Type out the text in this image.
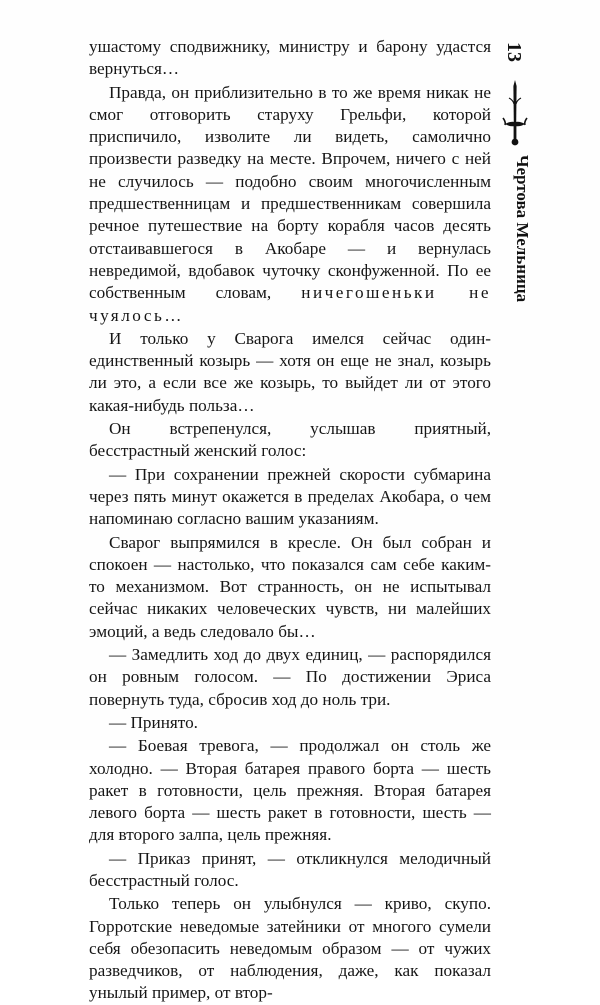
ушастому сподвижнику, министру и барону удастся вернуться…

Правда, он приблизительно в то же время никак не смог отговорить старуху Грельфи, которой приспичило, изволите ли видеть, самолично произвести разведку на месте. Впрочем, ничего с ней не случилось — подобно своим многочисленным предшественницам и предшественникам совершила речное путешествие на борту корабля часов десять отстаивавшегося в Акобаре — и вернулась невредимой, вдобавок чуточку сконфуженной. По ее собственным словам, ничегошеньки не чуялось…

И только у Сварога имелся сейчас один-единственный козырь — хотя он еще не знал, козырь ли это, а если все же козырь, то выйдет ли от этого какая-нибудь польза…

Он встрепенулся, услышав приятный, бесстрастный женский голос:

— При сохранении прежней скорости субмарина через пять минут окажется в пределах Акобара, о чем напоминаю согласно вашим указаниям.

Сварог выпрямился в кресле. Он был собран и спокоен — настолько, что показался сам себе каким-то механизмом. Вот странность, он не испытывал сейчас никаких человеческих чувств, ни малейших эмоций, а ведь следовало бы…

— Замедлить ход до двух единиц, — распорядился он ровным голосом. — По достижении Эриса повернуть туда, сбросив ход до ноль три.

— Принято.

— Боевая тревога, — продолжал он столь же холодно. — Вторая батарея правого борта — шесть ракет в готовности, цель прежняя. Вторая батарея левого борта — шесть ракет в готовности, шесть — для второго залпа, цель прежняя.

— Приказ принят, — откликнулся мелодичный бесстрастный голос.

Только теперь он улыбнулся — криво, скупо. Горротские неведомые затейники от многого сумели себя обезопасить неведомым образом — от чужих разведчиков, от наблюдения, даже, как показал унылый пример, от втор-

13
Чертова Мельница
